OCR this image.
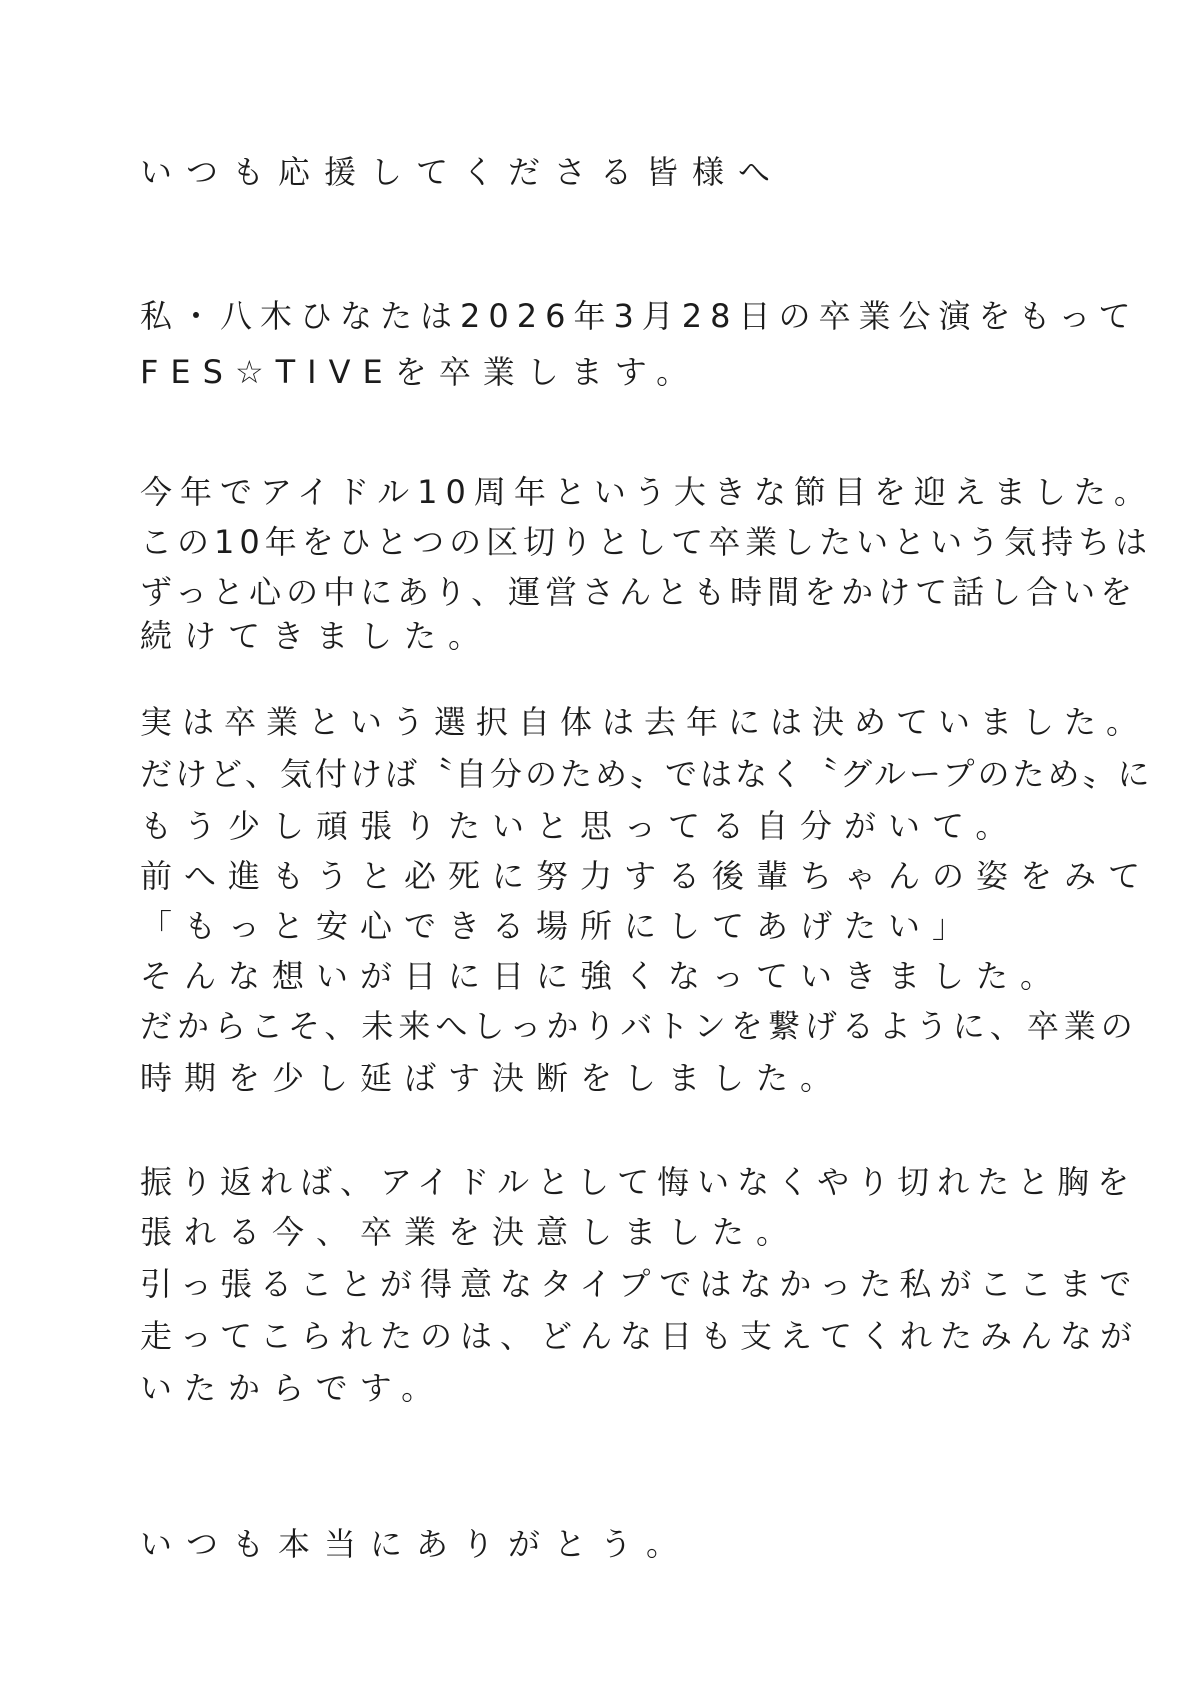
いつも応援してくださる皆様へ

私・八木ひなたは2026年3月28日の卒業公演をもって

FES☆TIVEを卒業します。

今年でアイドル10周年という大きな節目を迎えました。

この10年をひとつの区切りとして卒業したいという気持ちは

ずっと心の中にあり、運営さんとも時間をかけて話し合いを

続けてきました。

実は卒業という選択自体は去年には決めていました。

だけど、気付けば〝自分のため〟ではなく〝グループのため〟に

もう少し頑張りたいと思ってる自分がいて。

前へ進もうと必死に努力する後輩ちゃんの姿をみて

「もっと安心できる場所にしてあげたい」

そんな想いが日に日に強くなっていきました。

だからこそ、未来へしっかりバトンを繋げるように、卒業の

時期を少し延ばす決断をしました。

振り返れば、アイドルとして悔いなくやり切れたと胸を

張れる今、卒業を決意しました。

引っ張ることが得意なタイプではなかった私がここまで

走ってこられたのは、どんな日も支えてくれたみんなが

いたからです。

いつも本当にありがとう。
